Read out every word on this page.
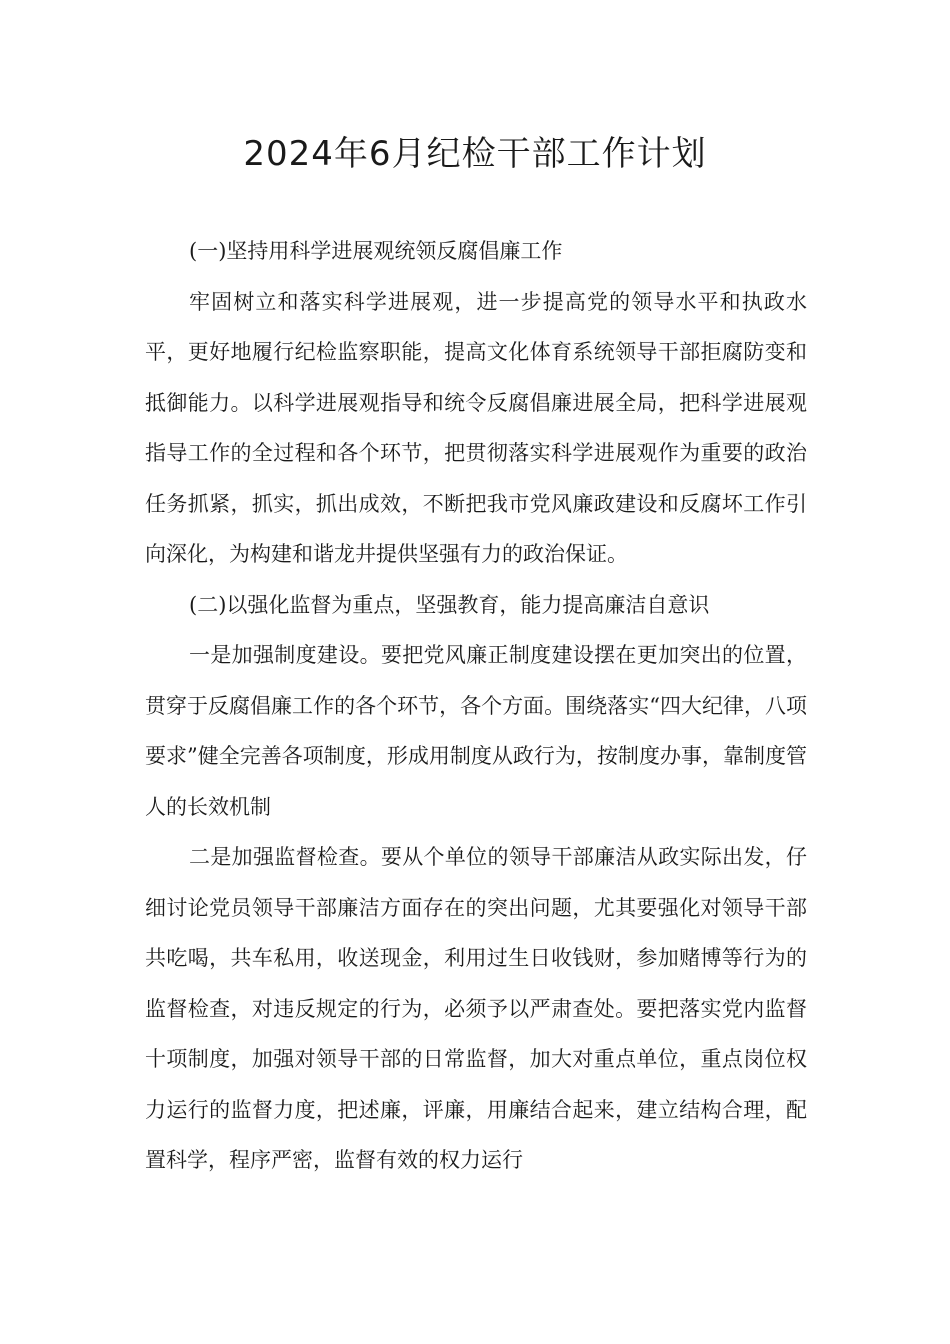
2024年6月纪检干部工作计划

(一)坚持用科学进展观统领反腐倡廉工作

牢固树立和落实科学进展观，进一步提高党的领导水平和执政水平，更好地履行纪检监察职能，提高文化体育系统领导干部拒腐防变和抵御能力。以科学进展观指导和统令反腐倡廉进展全局，把科学进展观指导工作的全过程和各个环节，把贯彻落实科学进展观作为重要的政治任务抓紧，抓实，抓出成效，不断把我市党风廉政建设和反腐坏工作引向深化，为构建和谐龙井提供坚强有力的政治保证。

(二)以强化监督为重点，坚强教育，能力提高廉洁自意识

一是加强制度建设。要把党风廉正制度建设摆在更加突出的位置，贯穿于反腐倡廉工作的各个环节，各个方面。围绕落实“四大纪律，八项要求”健全完善各项制度，形成用制度从政行为，按制度办事，靠制度管人的长效机制

二是加强监督检查。要从个单位的领导干部廉洁从政实际出发，仔细讨论党员领导干部廉洁方面存在的突出问题，尤其要强化对领导干部共吃喝，共车私用，收送现金，利用过生日收钱财，参加赌博等行为的监督检查，对违反规定的行为，必须予以严肃查处。要把落实党内监督十项制度，加强对领导干部的日常监督，加大对重点单位，重点岗位权力运行的监督力度，把述廉，评廉，用廉结合起来，建立结构合理，配置科学，程序严密，监督有效的权力运行
